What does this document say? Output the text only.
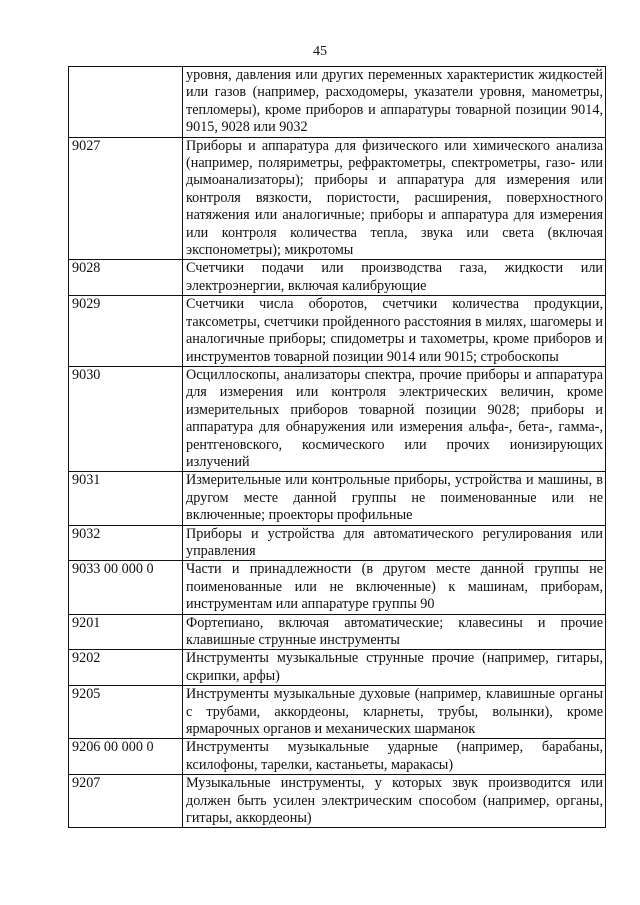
45
	уровня, давления или других переменных характеристик жидкостей или газов (например, расходомеры, указатели уровня, манометры, тепломеры), кроме приборов и аппаратуры товарной позиции 9014, 9015, 9028 или 9032
9027	Приборы и аппаратура для физического или химического анализа (например, поляриметры, рефрактометры, спектрометры, газо- или дымоанализаторы); приборы и аппаратура для измерения или контроля вязкости, пористости, расширения, поверхностного натяжения или аналогичные; приборы и аппаратура для измерения или контроля количества тепла, звука или света (включая экспонометры); микротомы
9028	Счетчики подачи или производства газа, жидкости или электроэнергии, включая калибрующие
9029	Счетчики числа оборотов, счетчики количества продукции, таксометры, счетчики пройденного расстояния в милях, шагомеры и аналогичные приборы; спидометры и тахометры, кроме приборов и инструментов товарной позиции 9014 или 9015; стробоскопы
9030	Осциллоскопы, анализаторы спектра, прочие приборы и аппаратура для измерения или контроля электрических величин, кроме измерительных приборов товарной позиции 9028; приборы и аппаратура для обнаружения или измерения альфа-, бета-, гамма-, рентгеновского, космического или прочих ионизирующих излучений
9031	Измерительные или контрольные приборы, устройства и машины, в другом месте данной группы не поименованные или не включенные; проекторы профильные
9032	Приборы и устройства для автоматического регулирования или управления
9033 00 000 0	Части и принадлежности (в другом месте данной группы не поименованные или не включенные) к машинам, приборам, инструментам или аппаратуре группы 90
9201	Фортепиано, включая автоматические; клавесины и прочие клавишные струнные инструменты
9202	Инструменты музыкальные струнные прочие (например, гитары, скрипки, арфы)
9205	Инструменты музыкальные духовые (например, клавишные органы с трубами, аккордеоны, кларнеты, трубы, волынки), кроме ярмарочных органов и механических шарманок
9206 00 000 0	Инструменты музыкальные ударные (например, барабаны, ксилофоны, тарелки, кастаньеты, маракасы)
9207	Музыкальные инструменты, у которых звук производится или должен быть усилен электрическим способом (например, органы, гитары, аккордеоны)
